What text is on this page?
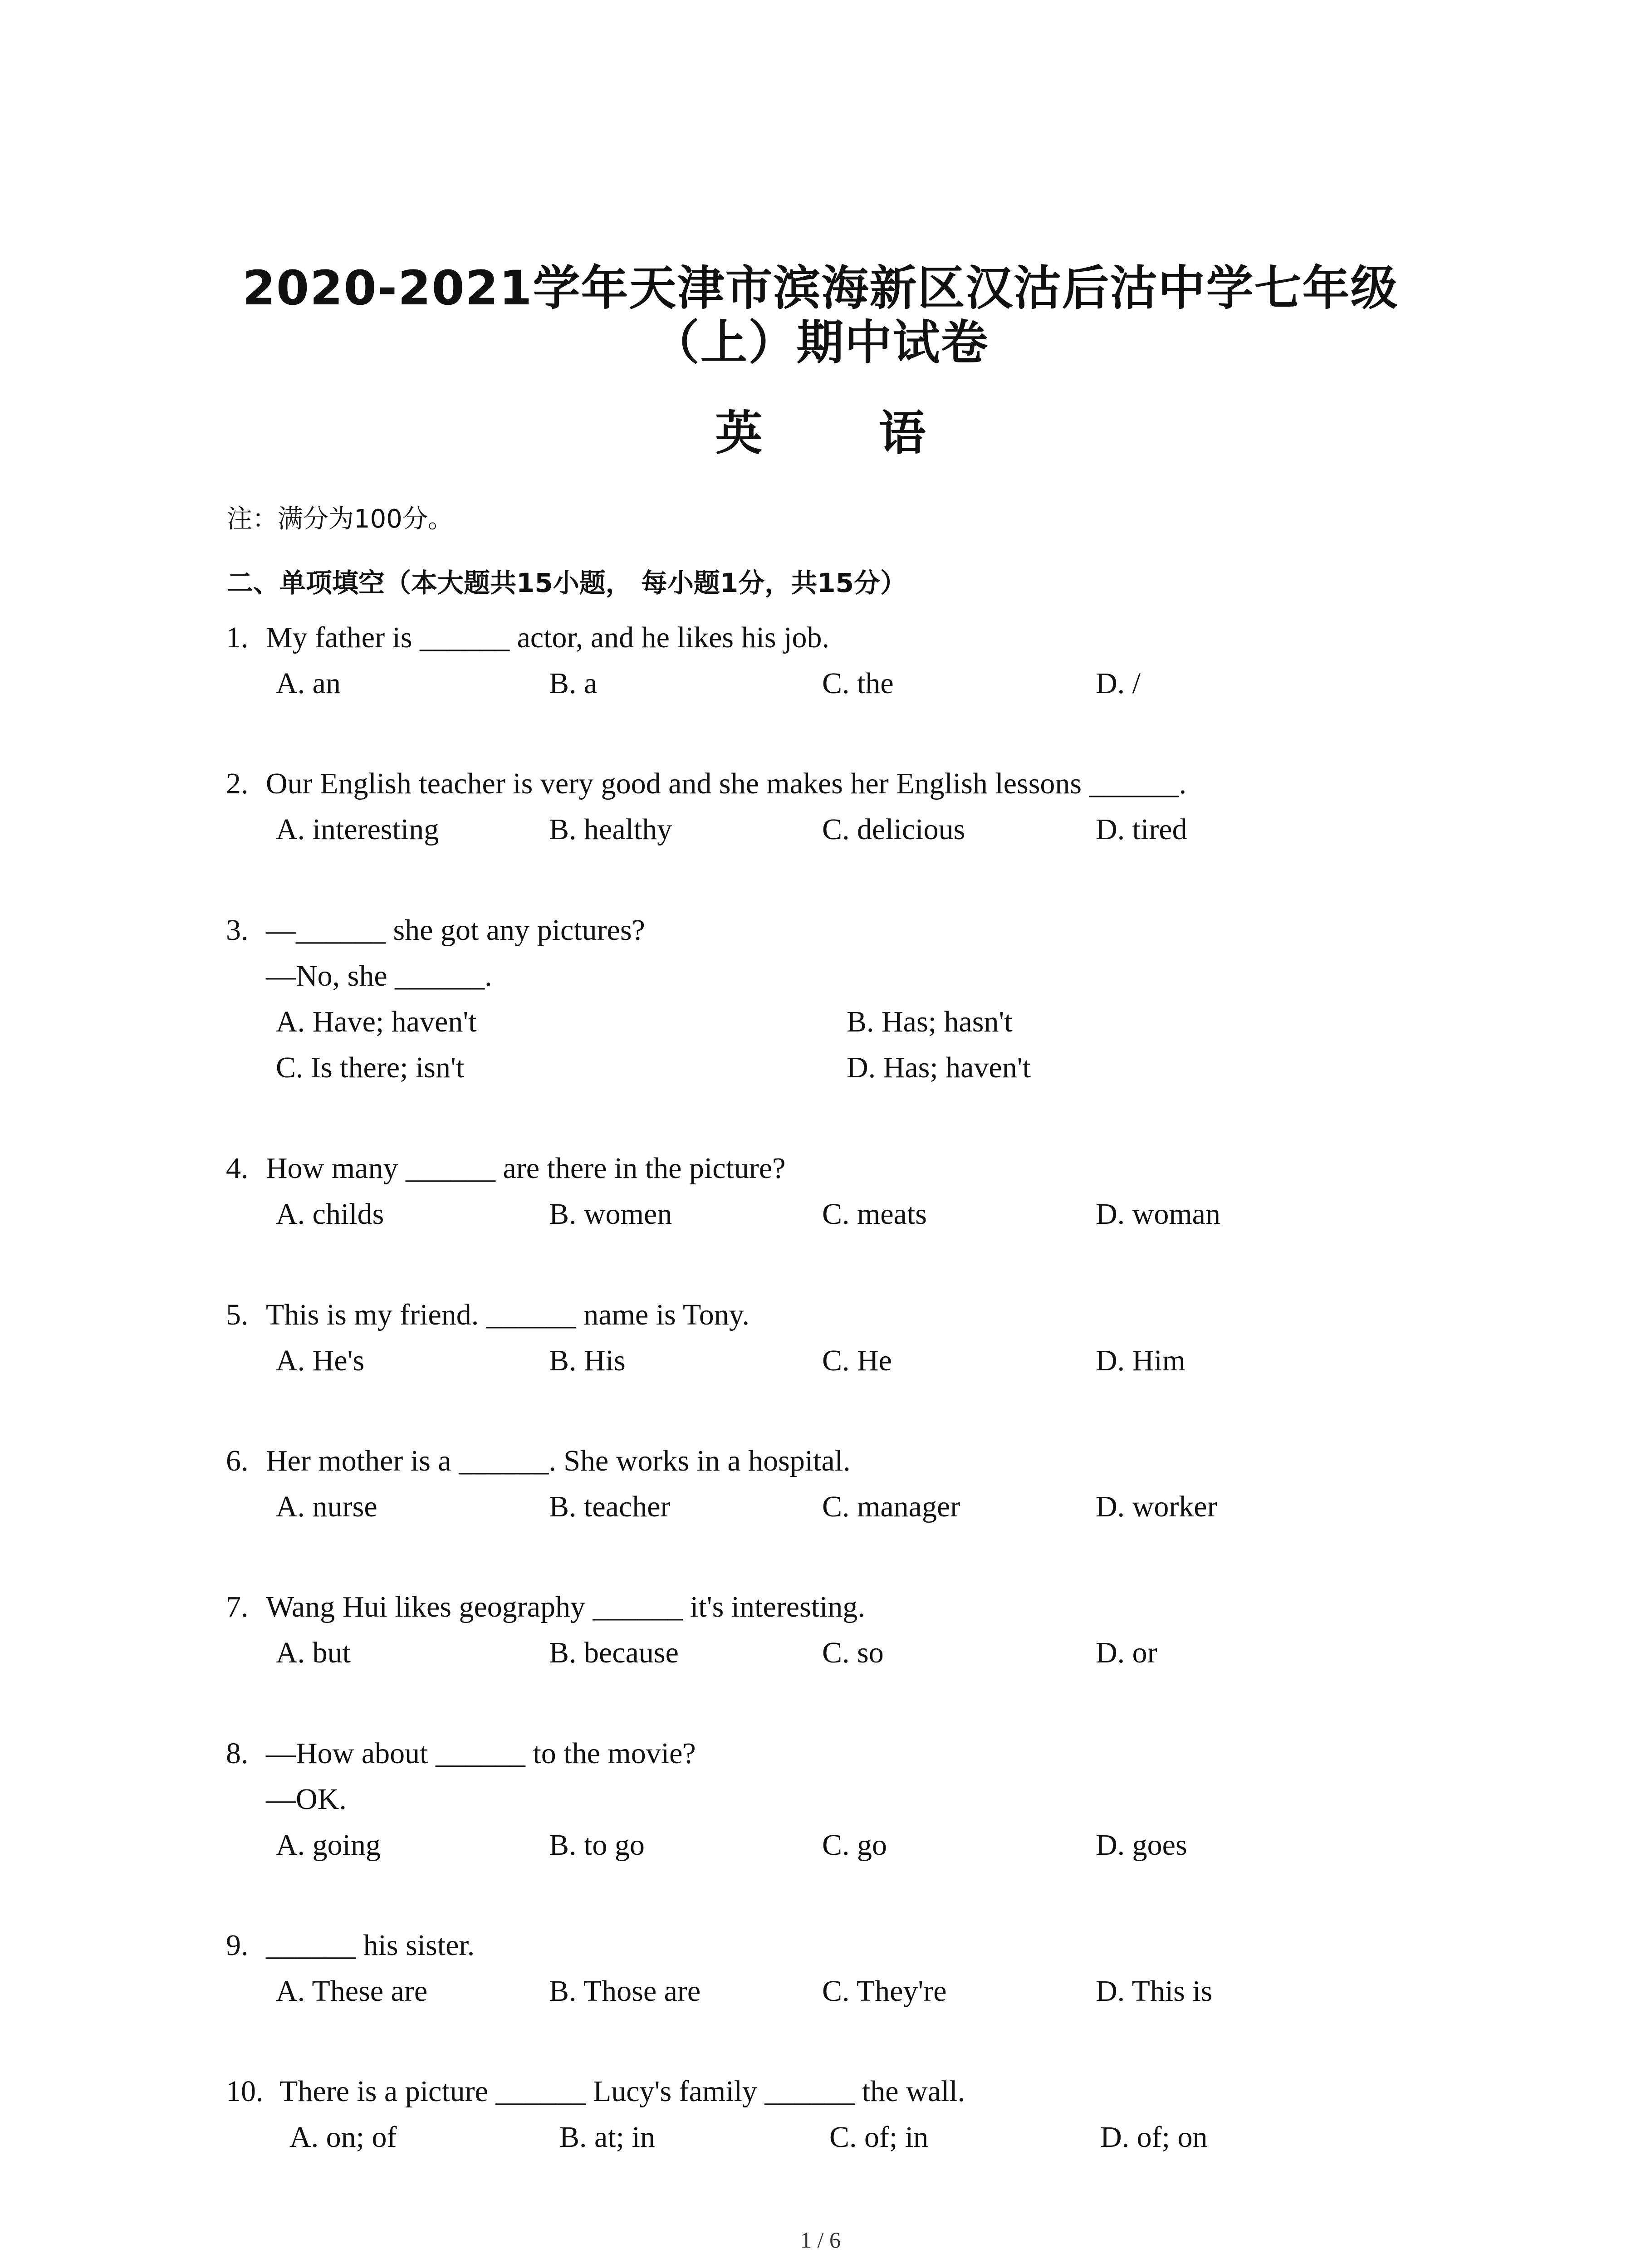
2020-2021学年天津市滨海新区汉沽后沽中学七年级
（上）期中试卷
英 语
注：满分为100分。
二、单项填空（本大题共15小题， 每小题1分，共15分）
1. My father is ______ actor, and he likes his job.
A. an	B. a	C. the	D. /
2. Our English teacher is very good and she makes her English lessons ______.
A. interesting	B. healthy	C. delicious	D. tired
3. —______ she got any pictures?
—No, she ______.
A. Have; haven't	B. Has; hasn't
C. Is there; isn't	D. Has; haven't
4. How many ______ are there in the picture?
A. childs	B. women	C. meats	D. woman
5. This is my friend. ______ name is Tony.
A. He's	B. His	C. He	D. Him
6. Her mother is a ______. She works in a hospital.
A. nurse	B. teacher	C. manager	D. worker
7. Wang Hui likes geography ______ it's interesting.
A. but	B. because	C. so	D. or
8. —How about ______ to the movie?
—OK.
A. going	B. to go	C. go	D. goes
9. ______ his sister.
A. These are	B. Those are	C. They're	D. This is
10. There is a picture ______ Lucy's family ______ the wall.
A. on; of	B. at; in	C. of; in	D. of; on
1 / 6
